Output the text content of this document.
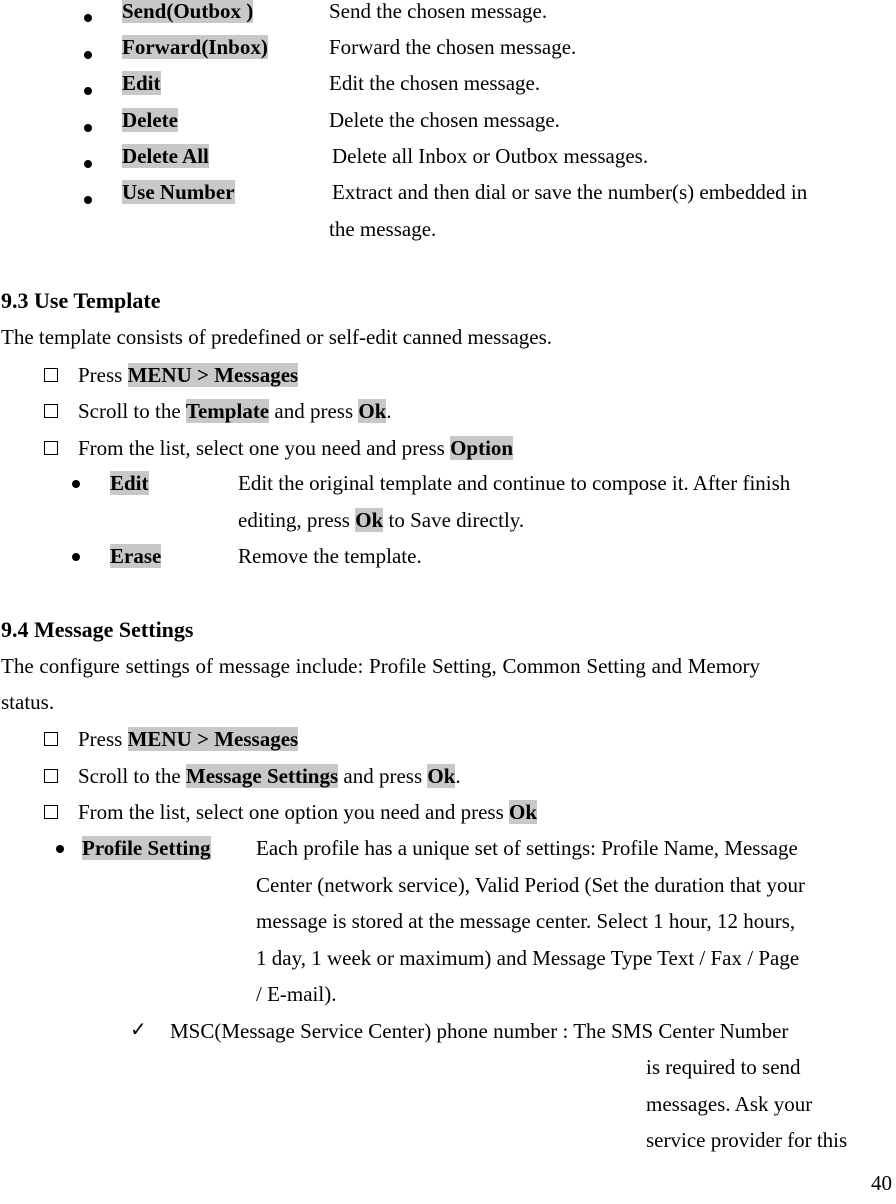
Send(Outbox )	Send the chosen message.
Forward(Inbox)	Forward the chosen message.
Edit	Edit the chosen message.
Delete	Delete the chosen message.
Delete All	Delete all Inbox or Outbox messages.
Use Number	Extract and then dial or save the number(s) embedded in
the message.
9.3 Use Template
The template consists of predefined or self-edit canned messages.
Press MENU > Messages
Scroll to the Template and press Ok.
From the list, select one you need and press Option
Edit	Edit the original template and continue to compose it. After finish
editing, press Ok to Save directly.
Erase	Remove the template.
9.4 Message Settings
The configure settings of message include: Profile Setting, Common Setting and Memory
status.
Press MENU > Messages
Scroll to the Message Settings and press Ok.
From the list, select one option you need and press Ok
Profile Setting Each profile has a unique set of settings: Profile Name, Message
Center (network service), Valid Period (Set the duration that your
message is stored at the message center. Select 1 hour, 12 hours,
1 day, 1 week or maximum) and Message Type Text / Fax / Page
/ E-mail).
✓ MSC(Message Service Center) phone number : The SMS Center Number
is required to send
messages. Ask your
service provider for this
40
